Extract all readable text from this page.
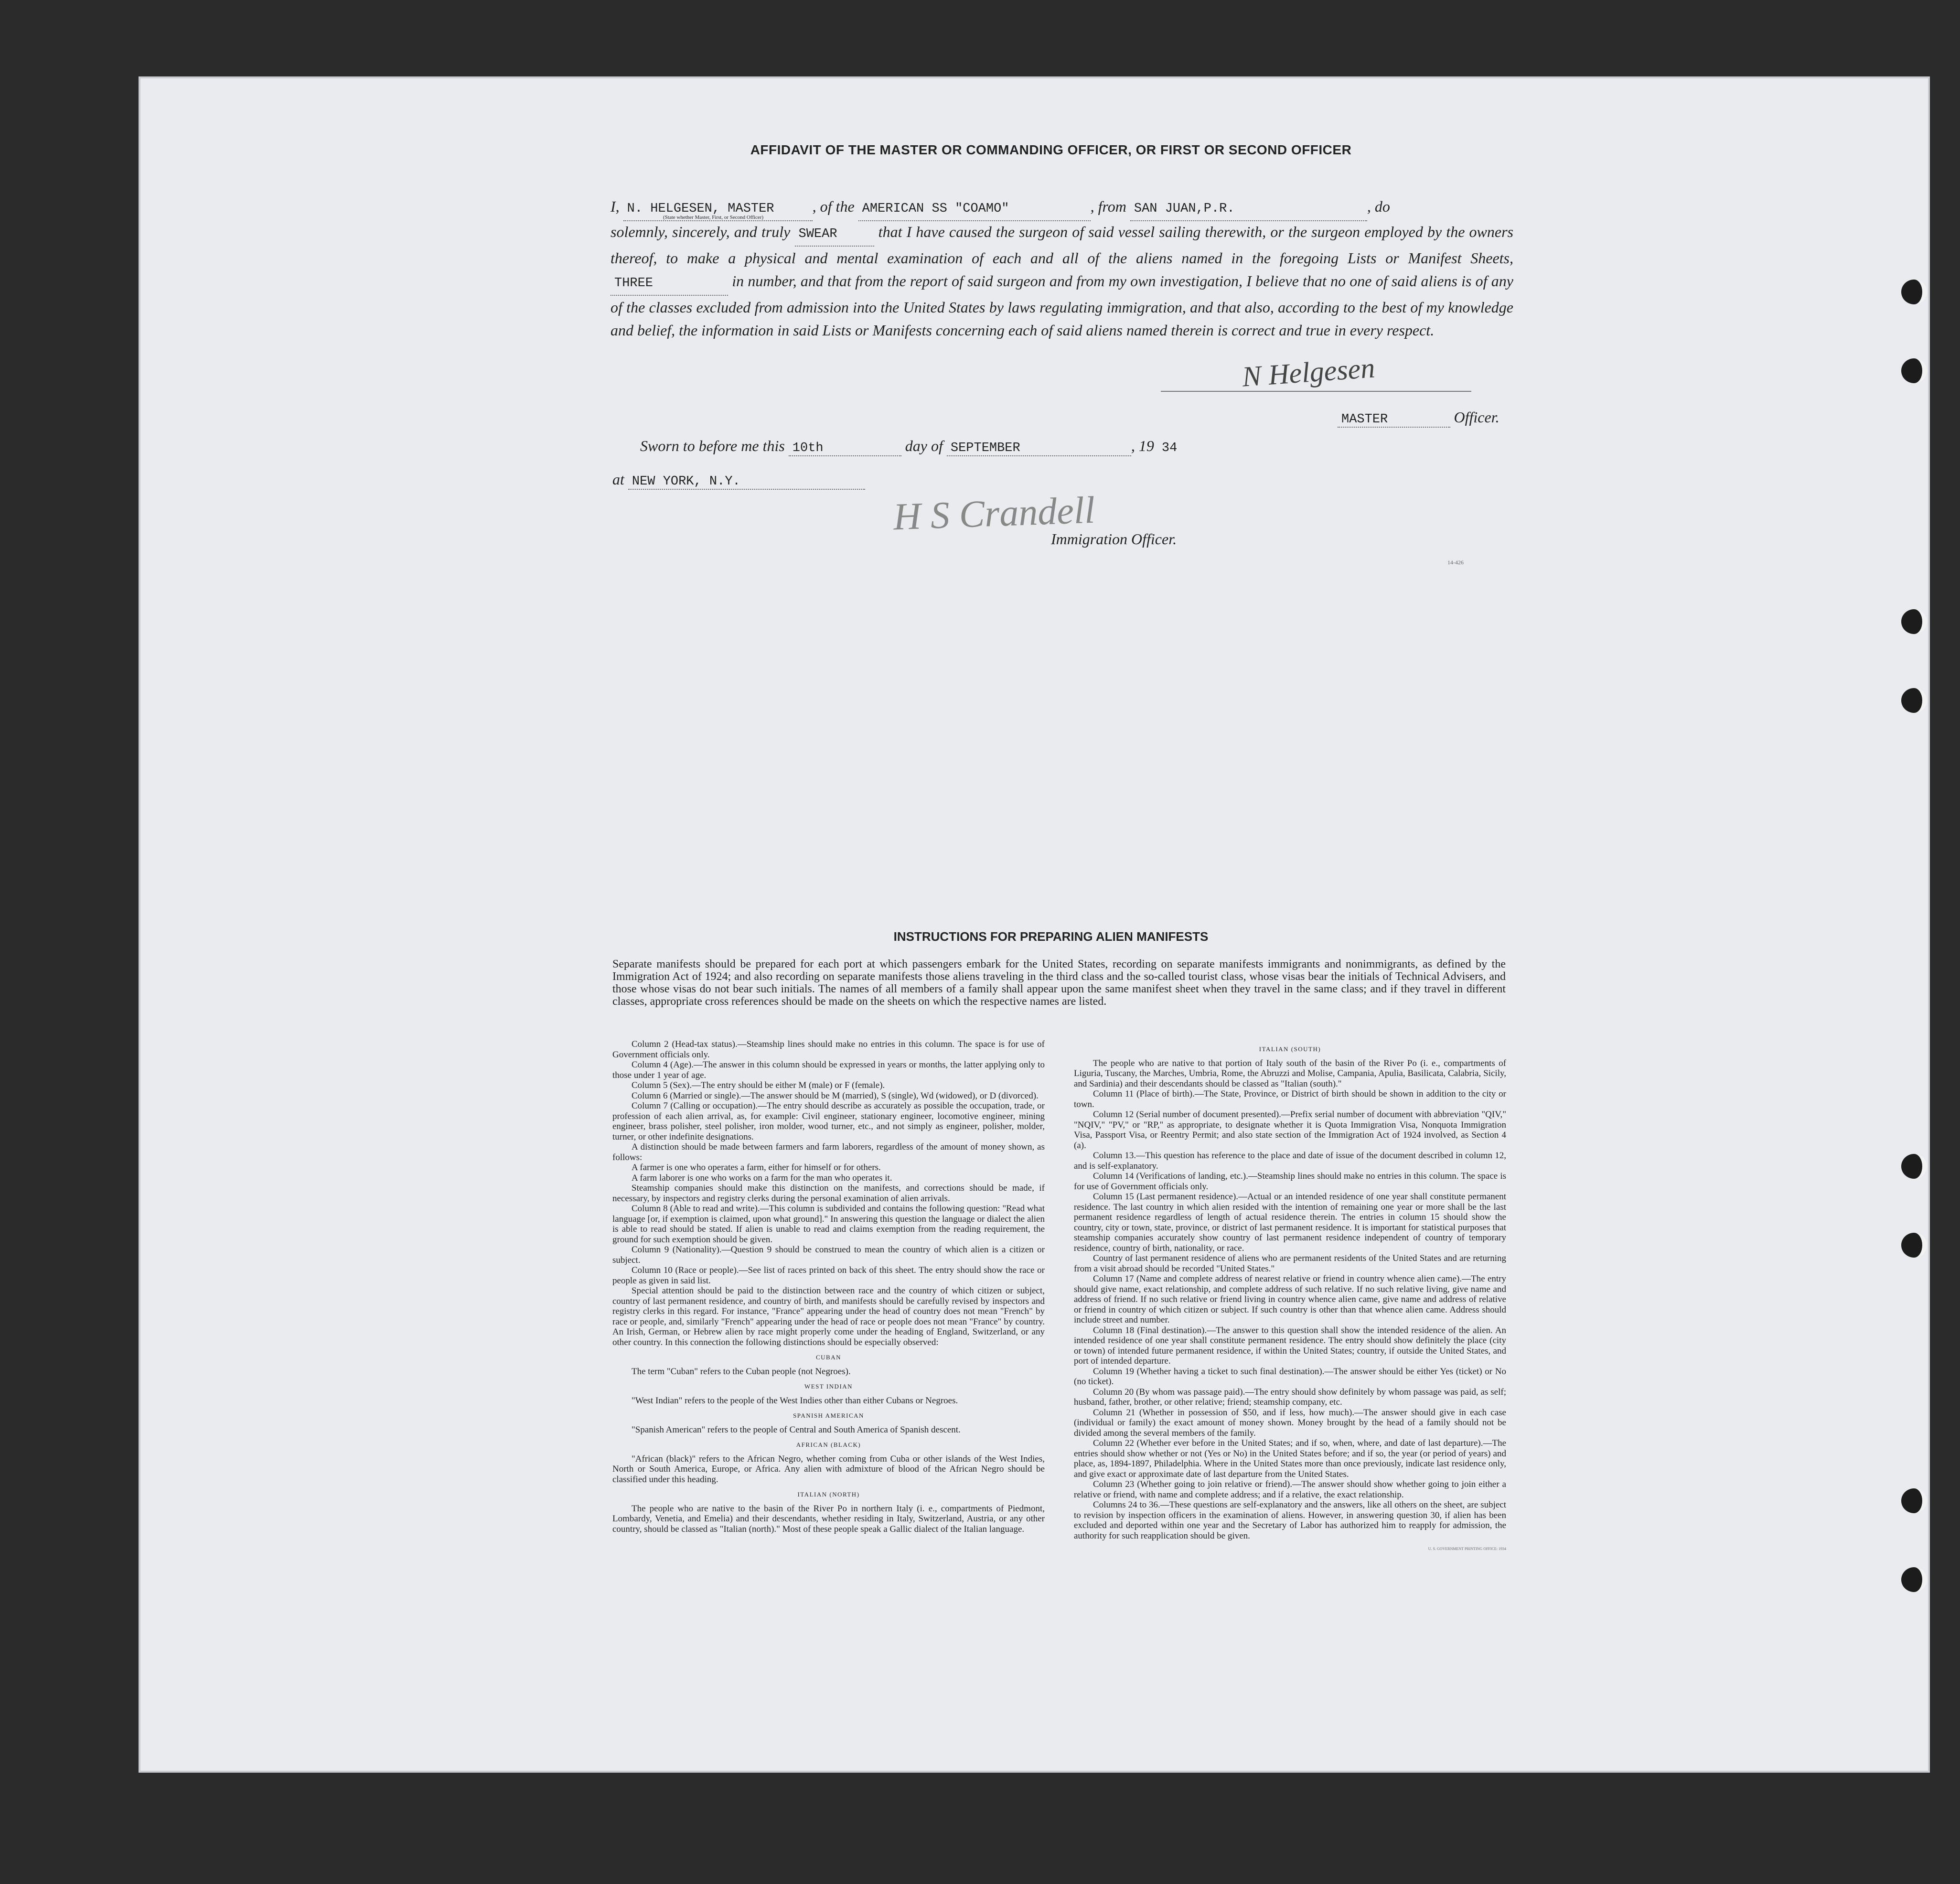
AFFIDAVIT OF THE MASTER OR COMMANDING OFFICER, OR FIRST OR SECOND OFFICER
I, N. HELGESEN, MASTER	, of the AMERICAN SS "COAMO"	, from SAN JUAN,P.R.	, do
(State whether Master, First, or Second Officer)
solemnly, sincerely, and truly SWEAR	that I have caused the surgeon of said vessel sailing therewith, or the surgeon employed by the owners thereof, to make a physical and mental examination of each and all of the aliens named in the foregoing Lists or Manifest Sheets, THREE	in number, and that from the report of said surgeon and from my own investigation, I believe that no one of said aliens is of any of the classes excluded from admission into the United States by laws regulating immigration, and that also, according to the best of my knowledge and belief, the information in said Lists or Manifests concerning each of said aliens named therein is correct and true in every respect.
N Helgesen
MASTER	Officer.
Sworn to before me this 10th	day of SEPTEMBER	, 19 34
at NEW YORK, N.Y.
H S Crandell
Immigration Officer.
14-426
INSTRUCTIONS FOR PREPARING ALIEN MANIFESTS
Separate manifests should be prepared for each port at which passengers embark for the United States, recording on separate manifests immigrants and nonimmigrants, as defined by the Immigration Act of 1924; and also recording on separate manifests those aliens traveling in the third class and the so-called tourist class, whose visas bear the initials of Technical Advisers, and those whose visas do not bear such initials. The names of all members of a family shall appear upon the same manifest sheet when they travel in the same class; and if they travel in different classes, appropriate cross references should be made on the sheets on which the respective names are listed.

Column 2 (Head-tax status).—Steamship lines should make no entries in this column. The space is for use of Government officials only.

Column 4 (Age).—The answer in this column should be expressed in years or months, the latter applying only to those under 1 year of age.

Column 5 (Sex).—The entry should be either M (male) or F (female).

Column 6 (Married or single).—The answer should be M (married), S (single), Wd (widowed), or D (divorced).

Column 7 (Calling or occupation).—The entry should describe as accurately as possible the occupation, trade, or profession of each alien arrival, as, for example: Civil engineer, stationary engineer, locomotive engineer, mining engineer, brass polisher, steel polisher, iron molder, wood turner, etc., and not simply as engineer, polisher, molder, turner, or other indefinite designations.

A distinction should be made between farmers and farm laborers, regardless of the amount of money shown, as follows:

A farmer is one who operates a farm, either for himself or for others.

A farm laborer is one who works on a farm for the man who operates it.

Steamship companies should make this distinction on the manifests, and corrections should be made, if necessary, by inspectors and registry clerks during the personal examination of alien arrivals.

Column 8 (Able to read and write).—This column is subdivided and contains the following question: "Read what language [or, if exemption is claimed, upon what ground]." In answering this question the language or dialect the alien is able to read should be stated. If alien is unable to read and claims exemption from the reading requirement, the ground for such exemption should be given.

Column 9 (Nationality).—Question 9 should be construed to mean the country of which alien is a citizen or subject.

Column 10 (Race or people).—See list of races printed on back of this sheet. The entry should show the race or people as given in said list.

Special attention should be paid to the distinction between race and the country of which citizen or subject, country of last permanent residence, and country of birth, and manifests should be carefully revised by inspectors and registry clerks in this regard. For instance, "France" appearing under the head of country does not mean "French" by race or people, and, similarly "French" appearing under the head of race or people does not mean "France" by country. An Irish, German, or Hebrew alien by race might properly come under the heading of England, Switzerland, or any other country. In this connection the following distinctions should be especially observed:

CUBAN

The term "Cuban" refers to the Cuban people (not Negroes).

WEST INDIAN

"West Indian" refers to the people of the West Indies other than either Cubans or Negroes.

SPANISH AMERICAN

"Spanish American" refers to the people of Central and South America of Spanish descent.

AFRICAN (BLACK)

"African (black)" refers to the African Negro, whether coming from Cuba or other islands of the West Indies, North or South America, Europe, or Africa. Any alien with admixture of blood of the African Negro should be classified under this heading.

ITALIAN (NORTH)

The people who are native to the basin of the River Po in northern Italy (i. e., compartments of Piedmont, Lombardy, Venetia, and Emelia) and their descendants, whether residing in Italy, Switzerland, Austria, or any other country, should be classed as "Italian (north)." Most of these people speak a Gallic dialect of the Italian language.

ITALIAN (SOUTH)

The people who are native to that portion of Italy south of the basin of the River Po (i. e., compartments of Liguria, Tuscany, the Marches, Umbria, Rome, the Abruzzi and Molise, Campania, Apulia, Basilicata, Calabria, Sicily, and Sardinia) and their descendants should be classed as "Italian (south)."

Column 11 (Place of birth).—The State, Province, or District of birth should be shown in addition to the city or town.

Column 12 (Serial number of document presented).—Prefix serial number of document with abbreviation "QIV," "NQIV," "PV," or "RP," as appropriate, to designate whether it is Quota Immigration Visa, Nonquota Immigration Visa, Passport Visa, or Reentry Permit; and also state section of the Immigration Act of 1924 involved, as Section 4 (a).

Column 13.—This question has reference to the place and date of issue of the document described in column 12, and is self-explanatory.

Column 14 (Verifications of landing, etc.).—Steamship lines should make no entries in this column. The space is for use of Government officials only.

Column 15 (Last permanent residence).—Actual or an intended residence of one year shall constitute permanent residence. The last country in which alien resided with the intention of remaining one year or more shall be the last permanent residence regardless of length of actual residence therein. The entries in column 15 should show the country, city or town, state, province, or district of last permanent residence. It is important for statistical purposes that steamship companies accurately show country of last permanent residence independent of country of temporary residence, country of birth, nationality, or race.

Country of last permanent residence of aliens who are permanent residents of the United States and are returning from a visit abroad should be recorded "United States."

Column 17 (Name and complete address of nearest relative or friend in country whence alien came).—The entry should give name, exact relationship, and complete address of such relative. If no such relative living, give name and address of friend. If no such relative or friend living in country whence alien came, give name and address of relative or friend in country of which citizen or subject. If such country is other than that whence alien came. Address should include street and number.

Column 18 (Final destination).—The answer to this question shall show the intended residence of the alien. An intended residence of one year shall constitute permanent residence. The entry should show definitely the place (city or town) of intended future permanent residence, if within the United States; country, if outside the United States, and port of intended departure.

Column 19 (Whether having a ticket to such final destination).—The answer should be either Yes (ticket) or No (no ticket).

Column 20 (By whom was passage paid).—The entry should show definitely by whom passage was paid, as self; husband, father, brother, or other relative; friend; steamship company, etc.

Column 21 (Whether in possession of $50, and if less, how much).—The answer should give in each case (individual or family) the exact amount of money shown. Money brought by the head of a family should not be divided among the several members of the family.

Column 22 (Whether ever before in the United States; and if so, when, where, and date of last departure).—The entries should show whether or not (Yes or No) in the United States before; and if so, the year (or period of years) and place, as, 1894-1897, Philadelphia. Where in the United States more than once previously, indicate last residence only, and give exact or approximate date of last departure from the United States.

Column 23 (Whether going to join relative or friend).—The answer should show whether going to join either a relative or friend, with name and complete address; and if a relative, the exact relationship.

Columns 24 to 36.—These questions are self-explanatory and the answers, like all others on the sheet, are subject to revision by inspection officers in the examination of aliens. However, in answering question 30, if alien has been excluded and deported within one year and the Secretary of Labor has authorized him to reapply for admission, the authority for such reapplication should be given.

U. S. GOVERNMENT PRINTING OFFICE: 1934
